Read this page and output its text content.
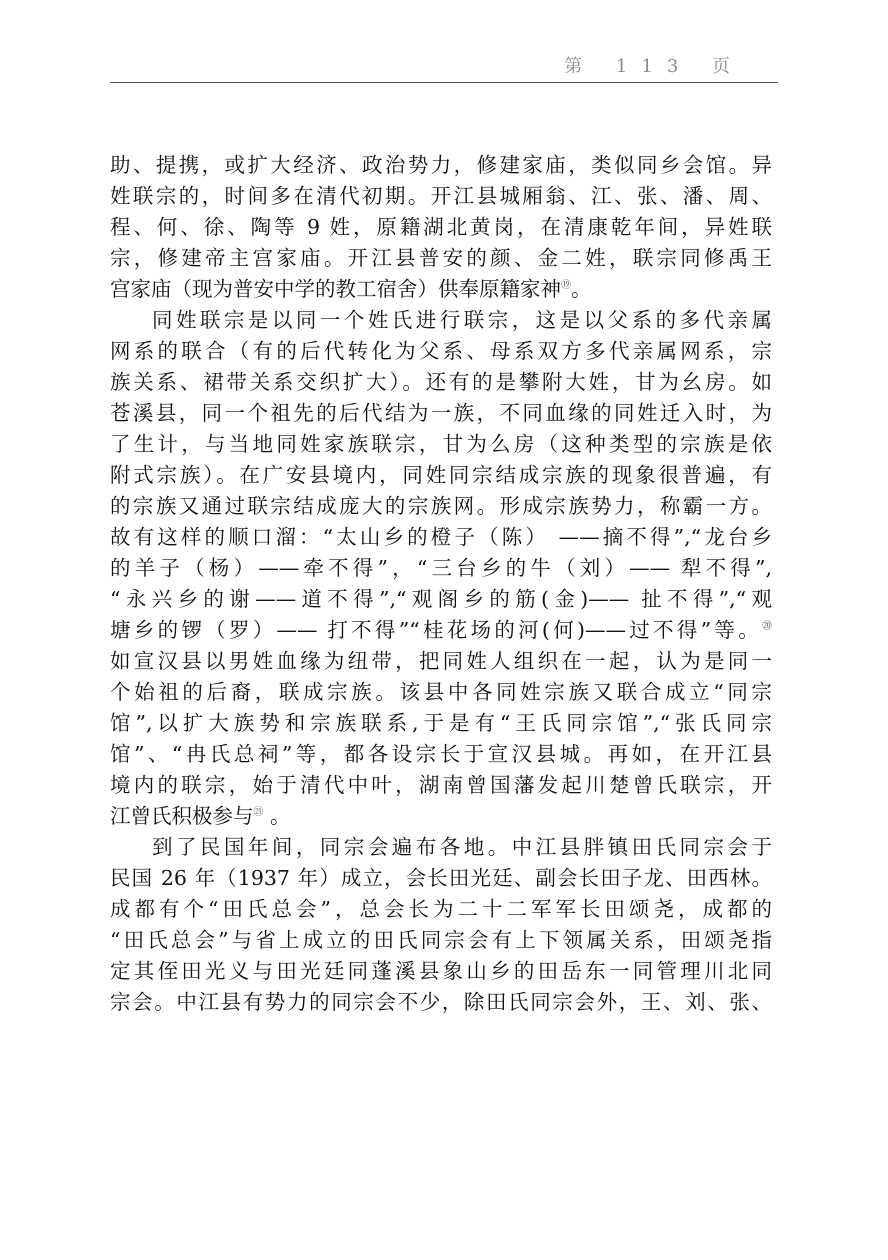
第 113 页
助、提携，或扩大经济、政治势力，修建家庙，类似同乡会馆。异
姓联宗的，时间多在清代初期。开江县城厢翁、江、张、潘、周、
程、何、徐、陶等 9 姓，原籍湖北黄岗，在清康乾年间，异姓联
宗，修建帝主宫家庙。开江县普安的颜、金二姓，联宗同修禹王
宫家庙（现为普安中学的教工宿舍）供奉原籍家神⑲。
同姓联宗是以同一个姓氏进行联宗，这是以父系的多代亲属
网系的联合（有的后代转化为父系、母系双方多代亲属网系，宗
族关系、裙带关系交织扩大）。还有的是攀附大姓，甘为幺房。如
苍溪县，同一个祖先的后代结为一族，不同血缘的同姓迁入时，为
了生计，与当地同姓家族联宗，甘为么房（这种类型的宗族是依
附式宗族）。在广安县境内，同姓同宗结成宗族的现象很普遍，有
的宗族又通过联宗结成庞大的宗族网。形成宗族势力，称霸一方。
故有这样的顺口溜：“太山乡的橙子（陈） ——摘不得”,“龙台乡
的羊子（杨）——牵不得”，“三台乡的牛（刘）—— 犁不得”,
“永兴乡的谢——道不得”,“观阁乡的筋(金)—— 扯不得”,“观
塘乡的锣（罗）—— 打不得”“桂花场的河(何)——过不得”等。⑳
如宣汉县以男姓血缘为纽带，把同姓人组织在一起，认为是同一
个始祖的后裔，联成宗族。该县中各同姓宗族又联合成立“同宗
馆”,以扩大族势和宗族联系,于是有“王氏同宗馆”,“张氏同宗
馆”、“冉氏总祠”等，都各设宗长于宣汉县城。再如，在开江县
境内的联宗，始于清代中叶，湖南曾国藩发起川楚曾氏联宗，开
江曾氏积极参与㉑ 。
到了民国年间，同宗会遍布各地。中江县胖镇田氏同宗会于
民国 26 年（1937 年）成立，会长田光廷、副会长田子龙、田西林。
成都有个“田氏总会”，总会长为二十二军军长田颂尧，成都的
“田氏总会”与省上成立的田氏同宗会有上下领属关系，田颂尧指
定其侄田光义与田光廷同蓬溪县象山乡的田岳东一同管理川北同
宗会。中江县有势力的同宗会不少，除田氏同宗会外，王、刘、张、
